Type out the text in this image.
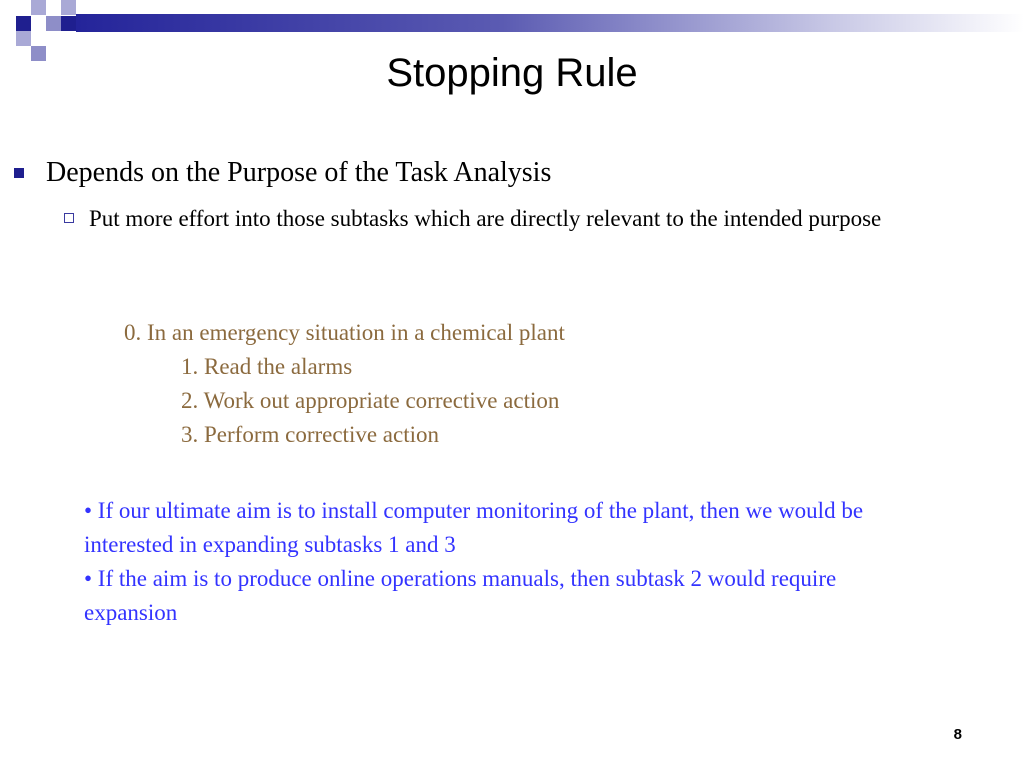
Stopping Rule
Depends on the Purpose of the Task Analysis
Put more effort into those subtasks which are directly relevant to the intended purpose
0. In an emergency situation in a chemical plant
1. Read the alarms
2. Work out appropriate corrective action
3. Perform corrective action
• If our ultimate aim is to install computer monitoring of the plant, then we would be interested in expanding subtasks 1 and 3
• If the aim is to produce online operations manuals, then subtask 2 would require expansion
8
